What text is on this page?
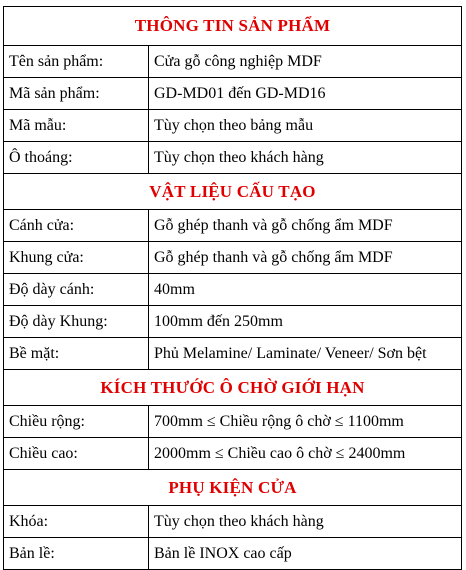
THÔNG TIN SẢN PHẨM	
Tên sản phẩm:	Cửa gỗ công nghiệp MDF
Mã sản phẩm:	GD-MD01 đến GD-MD16
Mã mẫu:	Tùy chọn theo bảng mẫu
Ô thoáng:	Tùy chọn theo khách hàng
VẬT LIỆU CẤU TẠO	
Cánh cửa:	Gỗ ghép thanh và gỗ chống ẩm MDF
Khung cửa:	Gỗ ghép thanh và gỗ chống ẩm MDF
Độ dày cánh:	40mm
Độ dày Khung:	100mm đến 250mm
Bề mặt:	Phủ Melamine/ Laminate/ Veneer/ Sơn bệt
KÍCH THƯỚC Ô CHỜ GIỚI HẠN	
Chiều rộng:	700mm ≤ Chiều rộng ô chờ ≤ 1100mm
Chiều cao:	2000mm ≤ Chiều cao ô chờ ≤ 2400mm
PHỤ KIỆN CỬA	
Khóa:	Tùy chọn theo khách hàng
Bản lề:	Bản lề INOX cao cấp
